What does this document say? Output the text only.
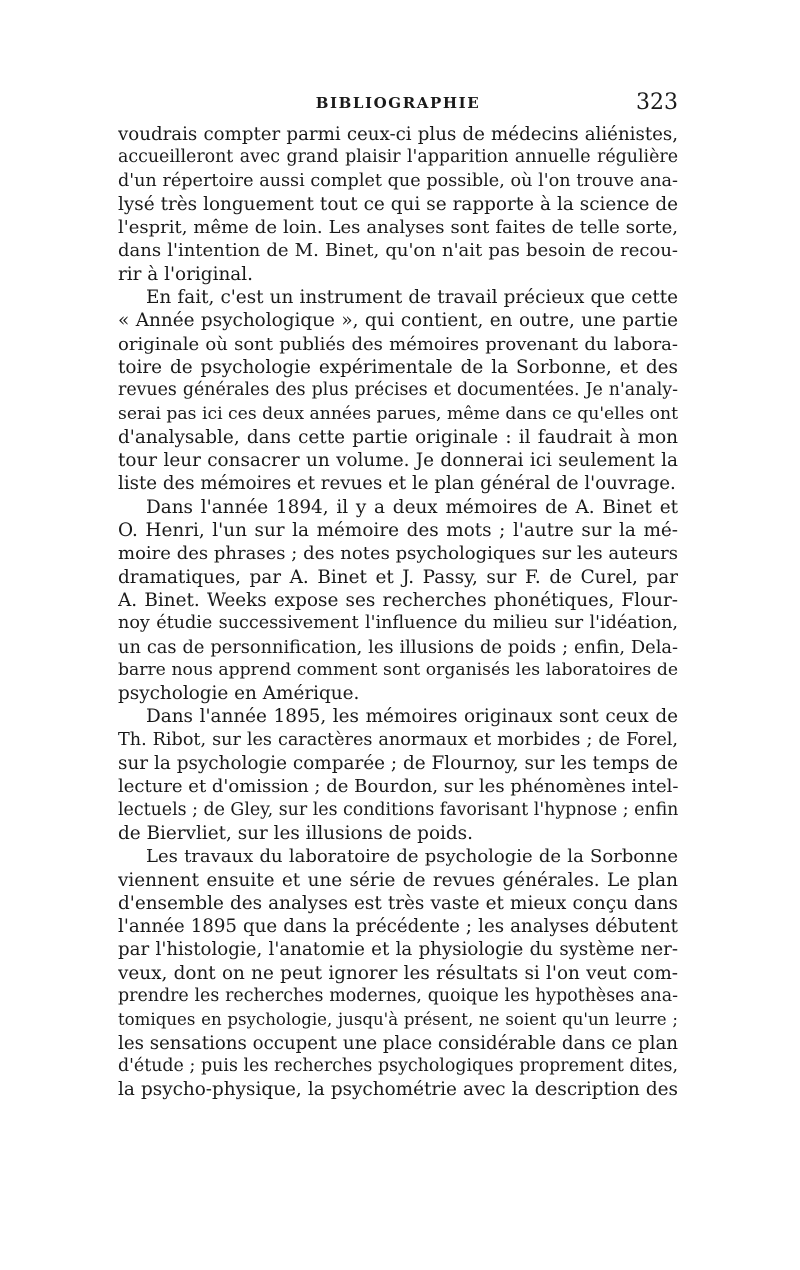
BIBLIOGRAPHIE	323
voudrais compter parmi ceux-ci plus de médecins aliénistes,
accueilleront avec grand plaisir l'apparition annuelle régulière
d'un répertoire aussi complet que possible, où l'on trouve ana-
lysé très longuement tout ce qui se rapporte à la science de
l'esprit, même de loin. Les analyses sont faites de telle sorte,
dans l'intention de M. Binet, qu'on n'ait pas besoin de recou-
rir à l'original.
En fait, c'est un instrument de travail précieux que cette
« Année psychologique », qui contient, en outre, une partie
originale où sont publiés des mémoires provenant du labora-
toire de psychologie expérimentale de la Sorbonne, et des
revues générales des plus précises et documentées. Je n'analy-
serai pas ici ces deux années parues, même dans ce qu'elles ont
d'analysable, dans cette partie originale : il faudrait à mon
tour leur consacrer un volume. Je donnerai ici seulement la
liste des mémoires et revues et le plan général de l'ouvrage.
Dans l'année 1894, il y a deux mémoires de A. Binet et
O. Henri, l'un sur la mémoire des mots ; l'autre sur la mé-
moire des phrases ; des notes psychologiques sur les auteurs
dramatiques, par A. Binet et J. Passy, sur F. de Curel, par
A. Binet. Weeks expose ses recherches phonétiques, Flour-
noy étudie successivement l'influence du milieu sur l'idéation,
un cas de personnification, les illusions de poids ; enfin, Dela-
barre nous apprend comment sont organisés les laboratoires de
psychologie en Amérique.
Dans l'année 1895, les mémoires originaux sont ceux de
Th. Ribot, sur les caractères anormaux et morbides ; de Forel,
sur la psychologie comparée ; de Flournoy, sur les temps de
lecture et d'omission ; de Bourdon, sur les phénomènes intel-
lectuels ; de Gley, sur les conditions favorisant l'hypnose ; enfin
de Biervliet, sur les illusions de poids.
Les travaux du laboratoire de psychologie de la Sorbonne
viennent ensuite et une série de revues générales. Le plan
d'ensemble des analyses est très vaste et mieux conçu dans
l'année 1895 que dans la précédente ; les analyses débutent
par l'histologie, l'anatomie et la physiologie du système ner-
veux, dont on ne peut ignorer les résultats si l'on veut com-
prendre les recherches modernes, quoique les hypothèses ana-
tomiques en psychologie, jusqu'à présent, ne soient qu'un leurre ;
les sensations occupent une place considérable dans ce plan
d'étude ; puis les recherches psychologiques proprement dites,
la psycho-physique, la psychométrie avec la description des
